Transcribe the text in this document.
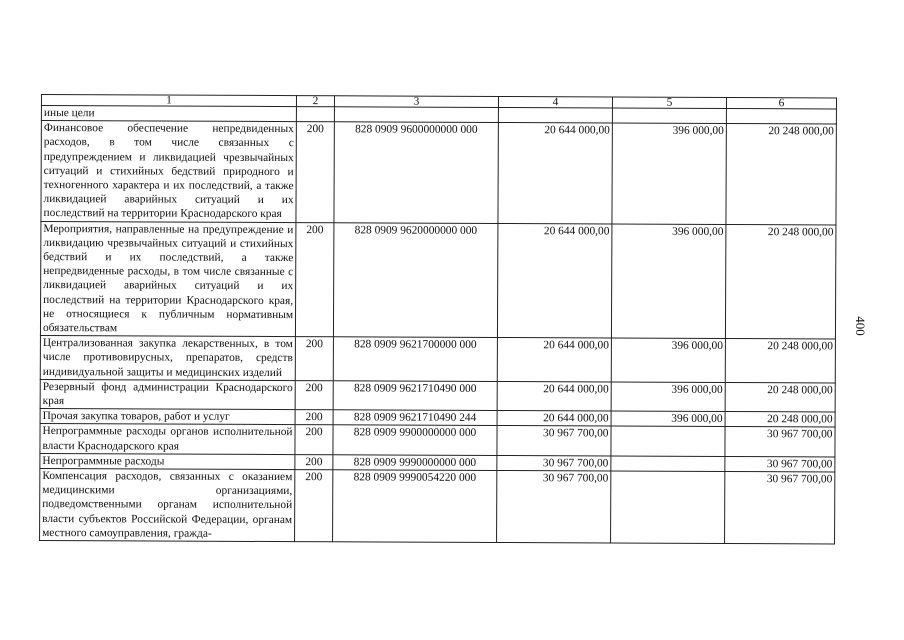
1	2	3	4	5	6
иные цели					
Финансовое обеспечение непредвиденных расходов, в том числе связанных с предупреждением и ликвидацией чрезвычайных ситуаций и стихийных бедствий природного и техногенного характера и их последствий, а также ликвидацией аварийных ситуаций и их последствий на территории Краснодарского края	200	828 0909 9600000000 000	20 644 000,00	396 000,00	20 248 000,00
Мероприятия, направленные на предупреждение и ликвидацию чрезвычайных ситуаций и стихийных бедствий и их последствий, а также непредвиденные расходы, в том числе связанные с ликвидацией аварийных ситуаций и их последствий на территории Краснодарского края, не относящиеся к публичным нормативным обязательствам	200	828 0909 9620000000 000	20 644 000,00	396 000,00	20 248 000,00
Централизованная закупка лекарственных, в том числе противовирусных, препаратов, средств индивидуальной защиты и медицинских изделий	200	828 0909 9621700000 000	20 644 000,00	396 000,00	20 248 000,00
Резервный фонд администрации Краснодарского края	200	828 0909 9621710490 000	20 644 000,00	396 000,00	20 248 000,00
Прочая закупка товаров, работ и услуг	200	828 0909 9621710490 244	20 644 000,00	396 000,00	20 248 000,00
Непрограммные расходы органов исполнительной власти Краснодарского края	200	828 0909 9900000000 000	30 967 700,00		30 967 700,00
Непрограммные расходы	200	828 0909 9990000000 000	30 967 700,00		30 967 700,00
Компенсация расходов, связанных с оказанием медицинскими организациями, подведомственными органам исполнительной власти субъектов Российской Федерации, органам местного самоуправления, гражда-	200	828 0909 9990054220 000	30 967 700,00		30 967 700,00
400
